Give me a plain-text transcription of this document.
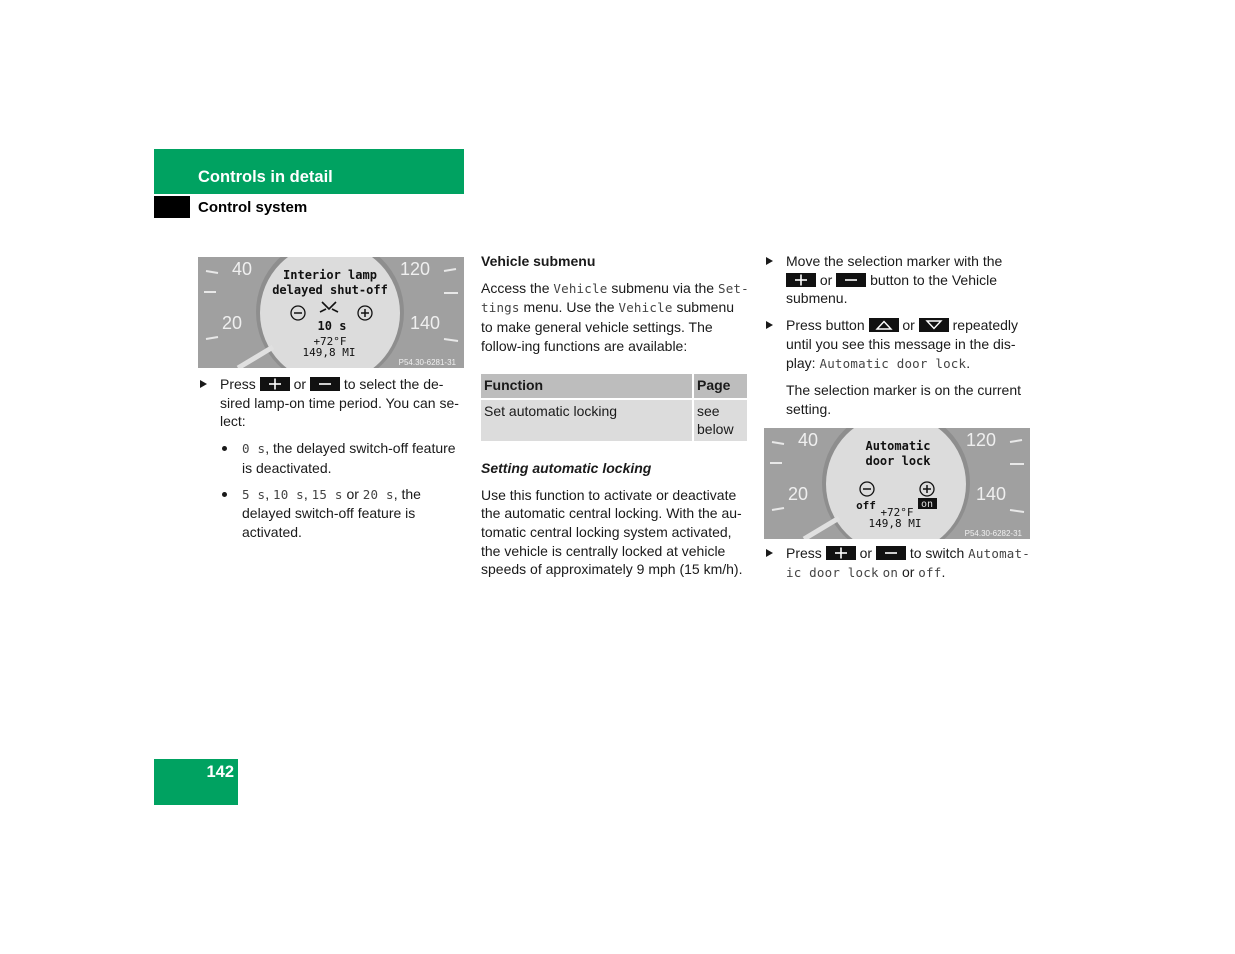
Controls in detail
Control system
40	120
20	140
Interior lamp
delayed shut-off
10 s
+72°F
149,8 MI
P54.30-6281-31

Press	or	to select the de-sired lamp-on time period. You can se-lect:

0 s, the delayed switch-off feature is deactivated.

5 s, 10 s, 15 s or 20 s, the delayed switch-off feature is activated.

Vehicle submenu

Access the Vehicle submenu via the Set-tings menu. Use the Vehicle submenu to make general vehicle settings. The follow-ing functions are available:

Function	Page
Set automatic locking	see below

Setting automatic locking

Use this function to activate or deactivate the automatic central locking. With the au-tomatic central locking system activated, the vehicle is centrally locked at vehicle speeds of approximately 9 mph (15 km/h).

Move the selection marker with the
or	button to the Vehicle submenu.

Press button	or	repeatedly until you see this message in the dis-play: Automatic door lock.

The selection marker is on the current setting.

40	120
20	140
Automatic
door lock
off	on
+72°F
149,8 MI
P54.30-6282-31

Press	or	to switch Automat-ic door lock on or off.

142
